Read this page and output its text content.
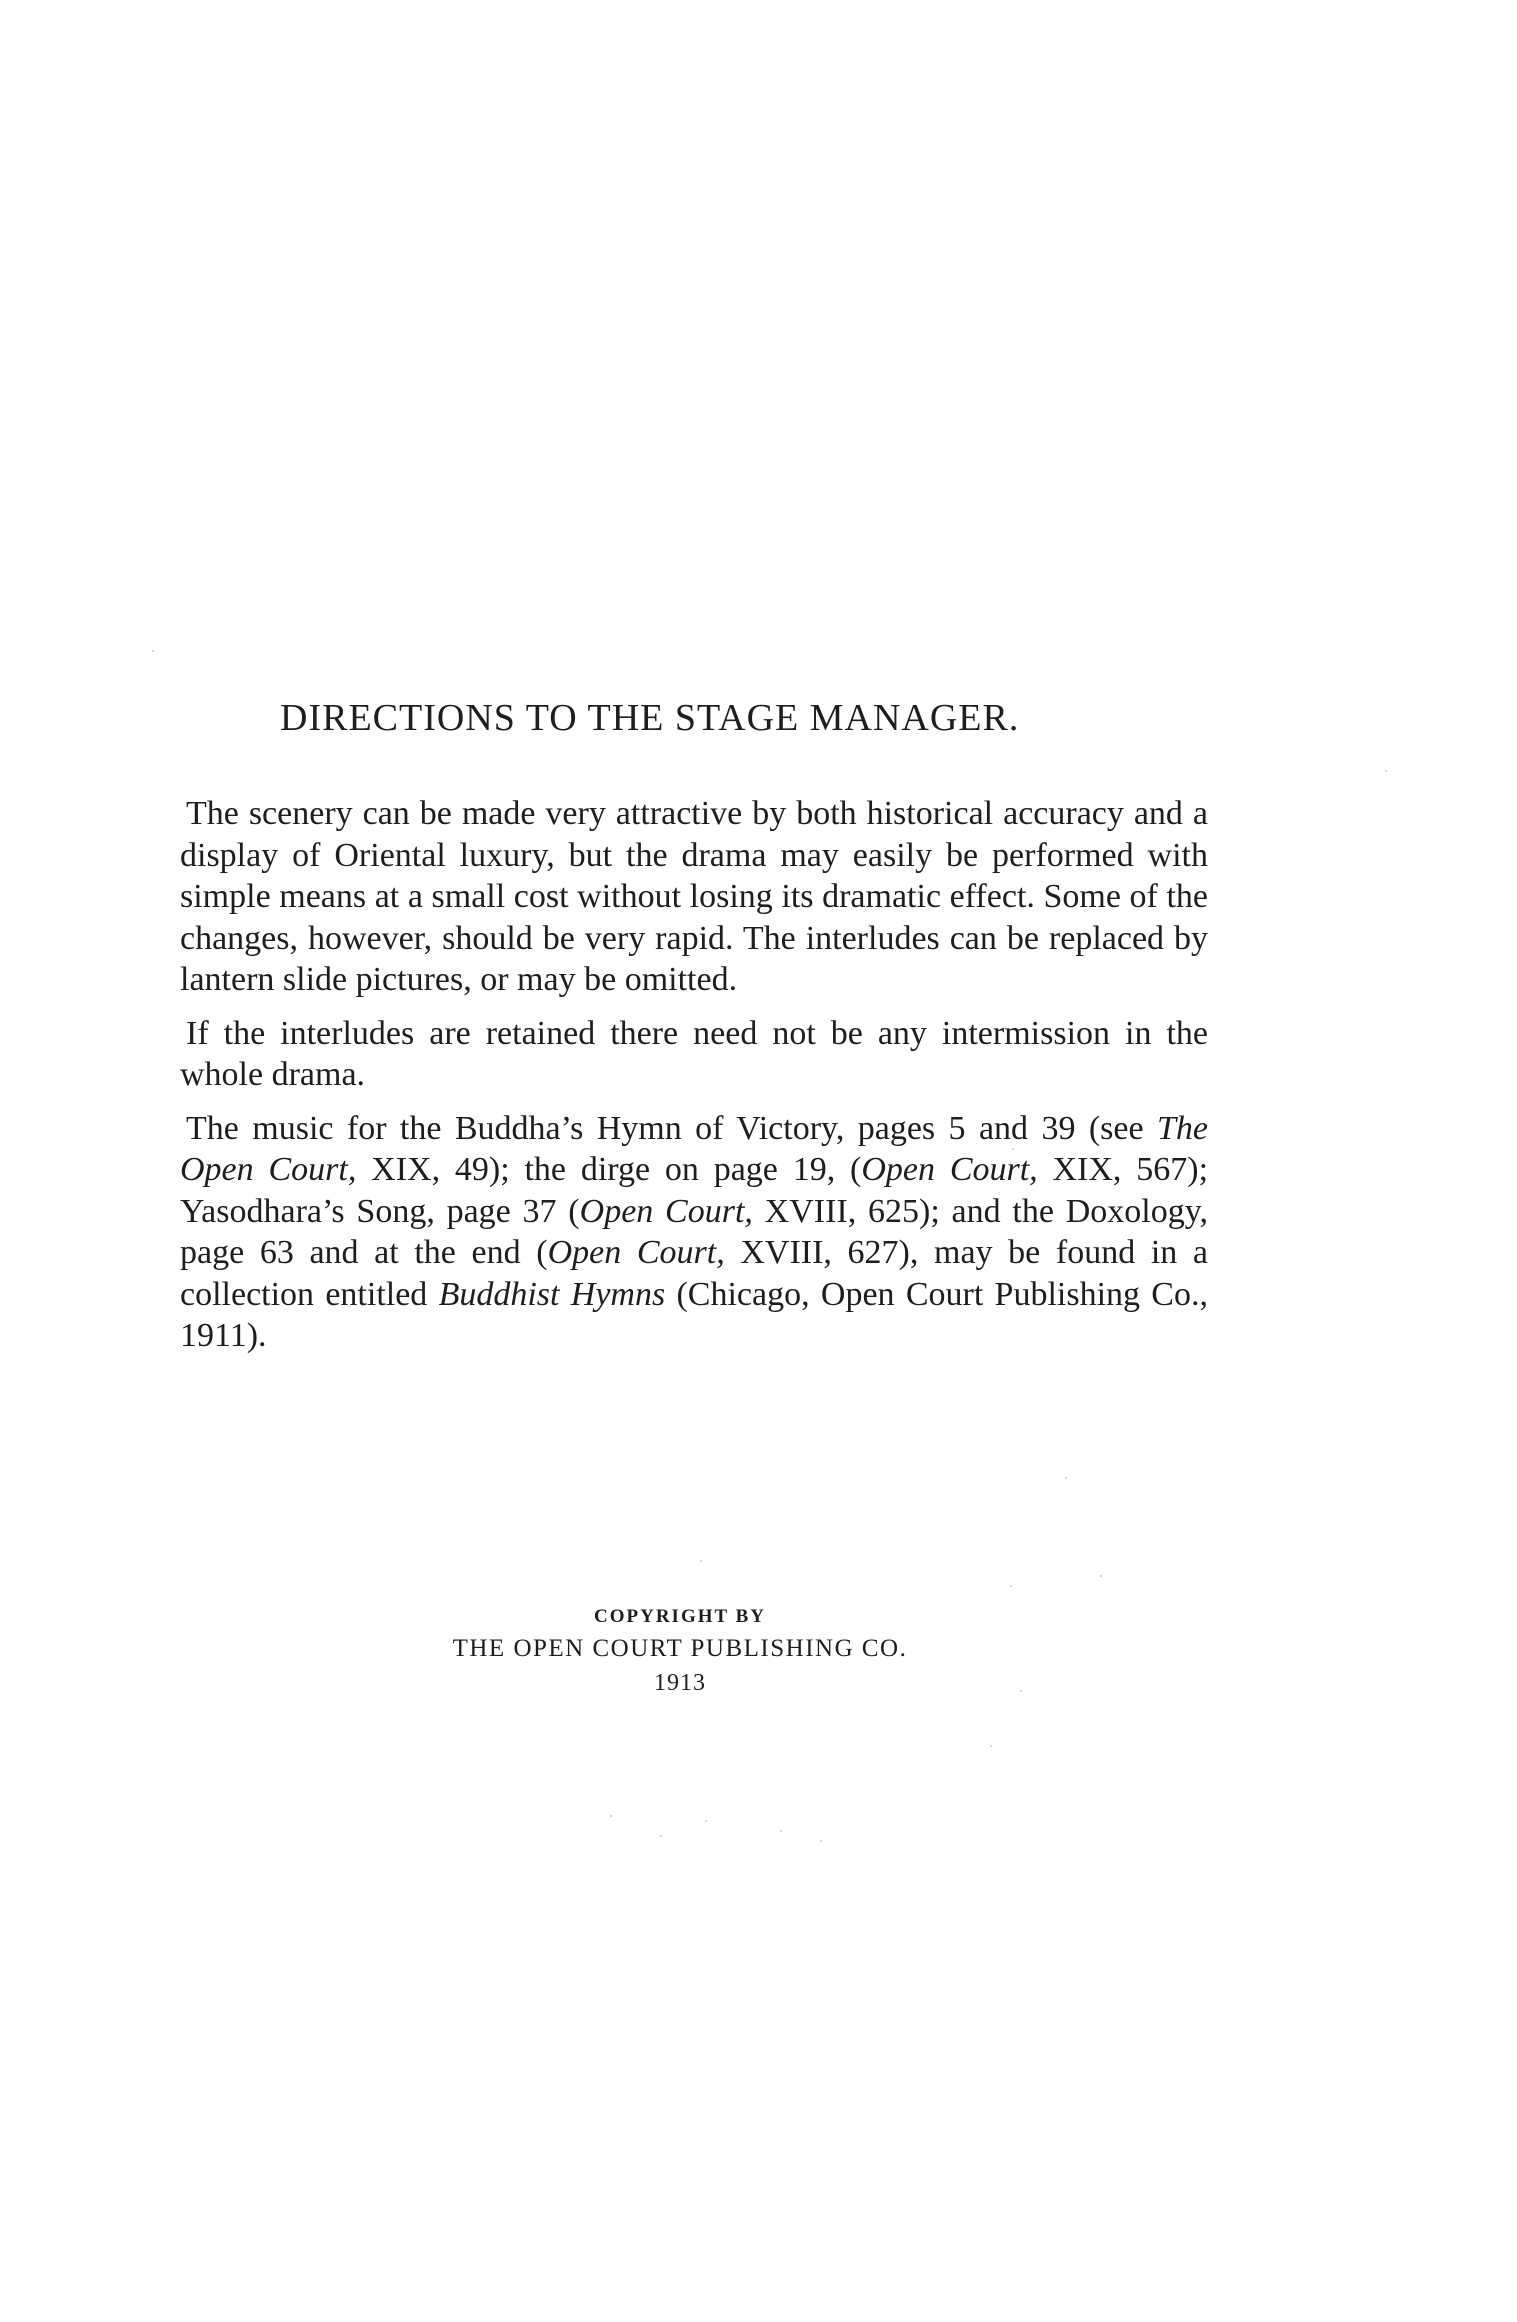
DIRECTIONS TO THE STAGE MANAGER.

The scenery can be made very attractive by both historical accuracy and a display of Oriental luxury, but the drama may easily be performed with simple means at a small cost without losing its dramatic effect. Some of the changes, however, should be very rapid. The interludes can be replaced by lantern slide pictures, or may be omitted.

If the interludes are retained there need not be any intermission in the whole drama.

The music for the Buddha’s Hymn of Victory, pages 5 and 39 (see The Open Court, XIX, 49); the dirge on page 19, (Open Court, XIX, 567); Yasodhara’s Song, page 37 (Open Court, XVIII, 625); and the Doxology, page 63 and at the end (Open Court, XVIII, 627), may be found in a collection entitled Buddhist Hymns (Chicago, Open Court Publishing Co., 1911).

COPYRIGHT BY
THE OPEN COURT PUBLISHING CO.
1913
